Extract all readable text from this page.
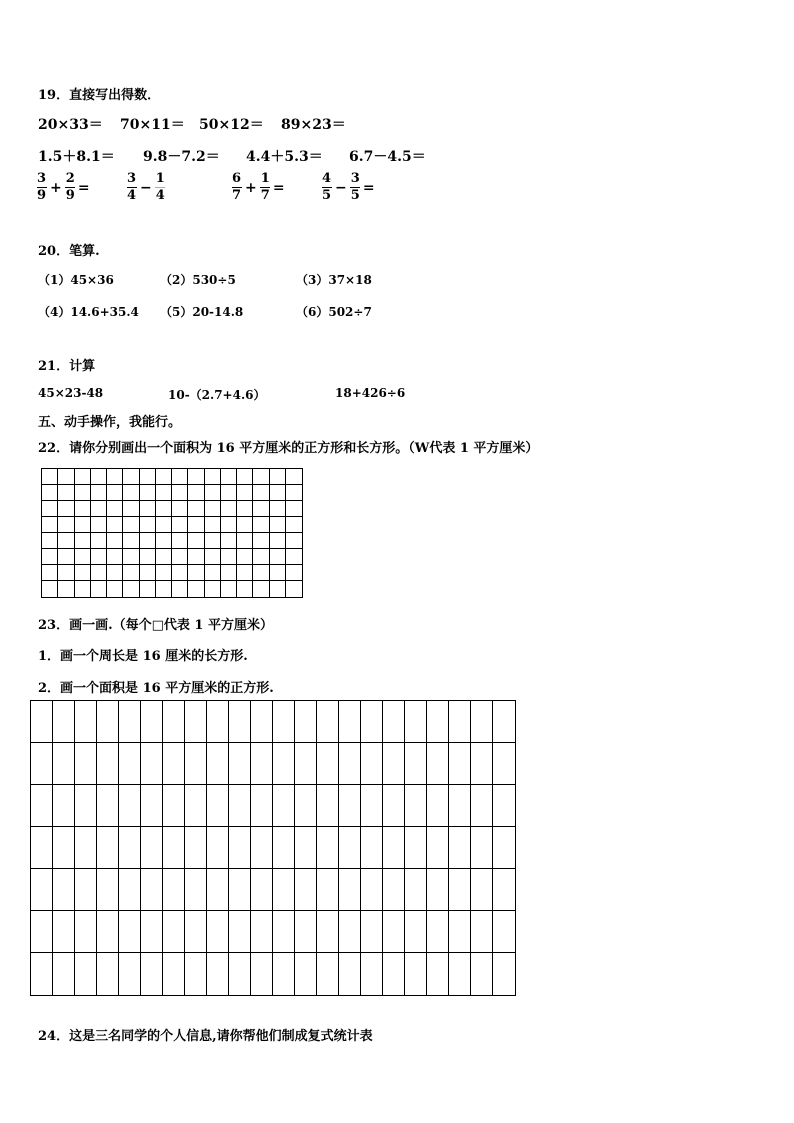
19．直接写出得数．
20×33＝ 70×11＝ 50×12＝ 89×23＝
1.5＋8.1＝ 9.8－7.2＝ 4.4＋5.3＝ 6.7－4.5＝
$\frac{3}{9} + \frac{2}{9}$ =	$\frac{3}{4} - \frac{1}{4}$	$\frac{6}{7} + \frac{1}{7}$ =	$\frac{4}{5} - \frac{3}{5}$ =
20．笔算.
（1）45×36	（2）530÷5	（3）37×18
（4）14.6+35.4 （5）20-14.8	（6）502÷7
21．计算
45×23-48	10-（2.7+4.6）	18+426÷6
五、动手操作，我能行。
22．请你分别画出一个面积为 16 平方厘米的正方形和长方形。（W代表 1 平方厘米）
23．画一画.（每个□代表 1 平方厘米）
1．画一个周长是 16 厘米的长方形.
2．画一个面积是 16 平方厘米的正方形.
24．这是三名同学的个人信息,请你帮他们制成复式统计表
